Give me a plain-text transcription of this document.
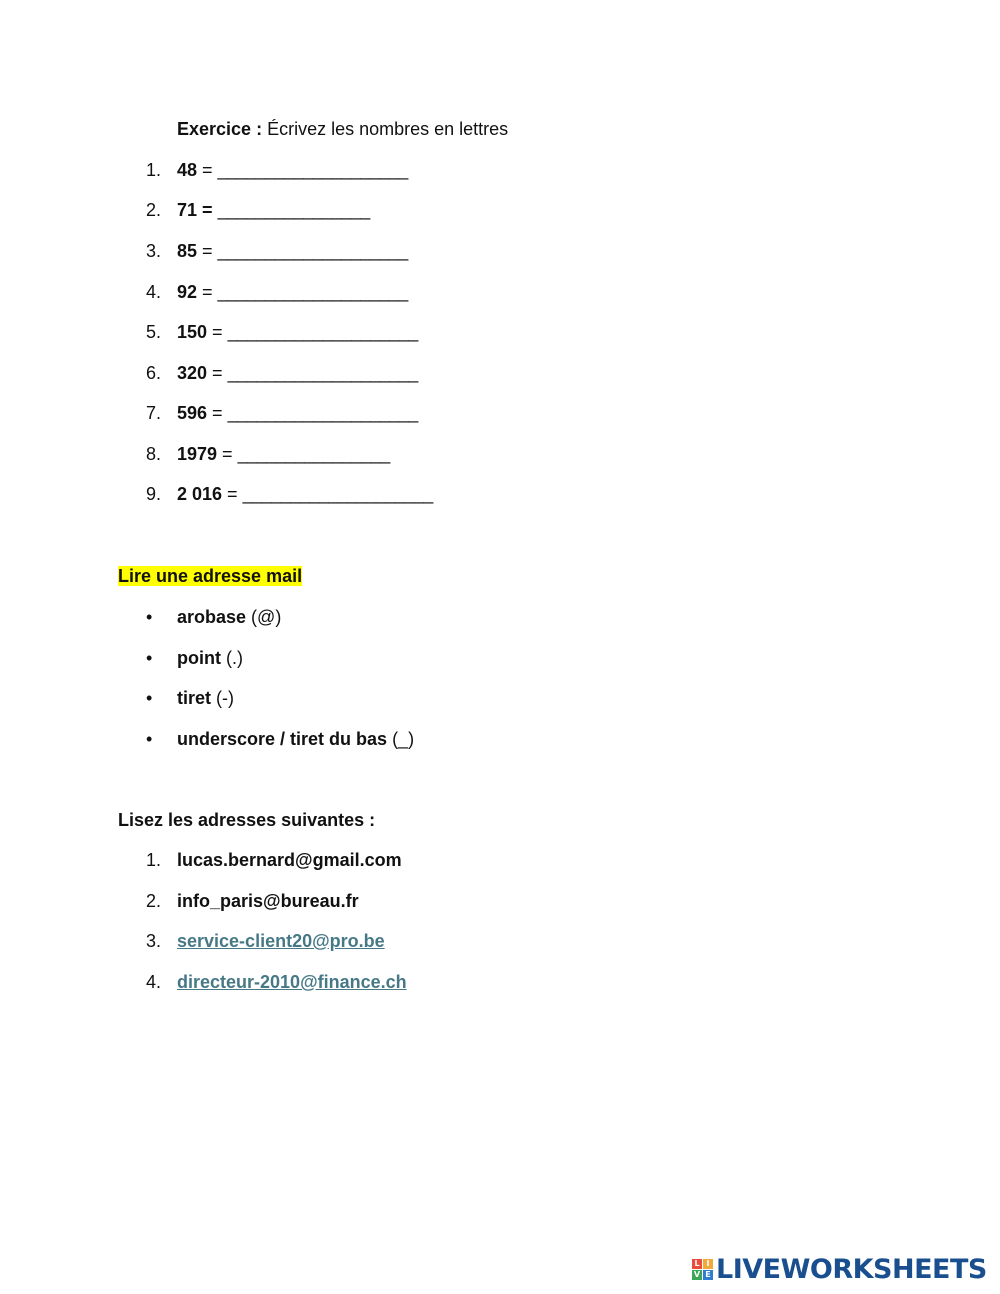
Exercice : Écrivez les nombres en lettres
1. 48 = ____________________
2. 71 = ________________
3. 85 = ____________________
4. 92 = ____________________
5. 150 = ____________________
6. 320 = ____________________
7. 596 = ____________________
8. 1979 = ________________
9. 2 016 = ____________________
Lire une adresse mail
• arobase (@)
• point (.)
• tiret (-)
• underscore / tiret du bas (_)
Lisez les adresses suivantes :
1. lucas.bernard@gmail.com
2. info_paris@bureau.fr
3. service-client20@pro.be
4. directeur-2010@finance.ch
L I
V E LIVEWORKSHEETS
